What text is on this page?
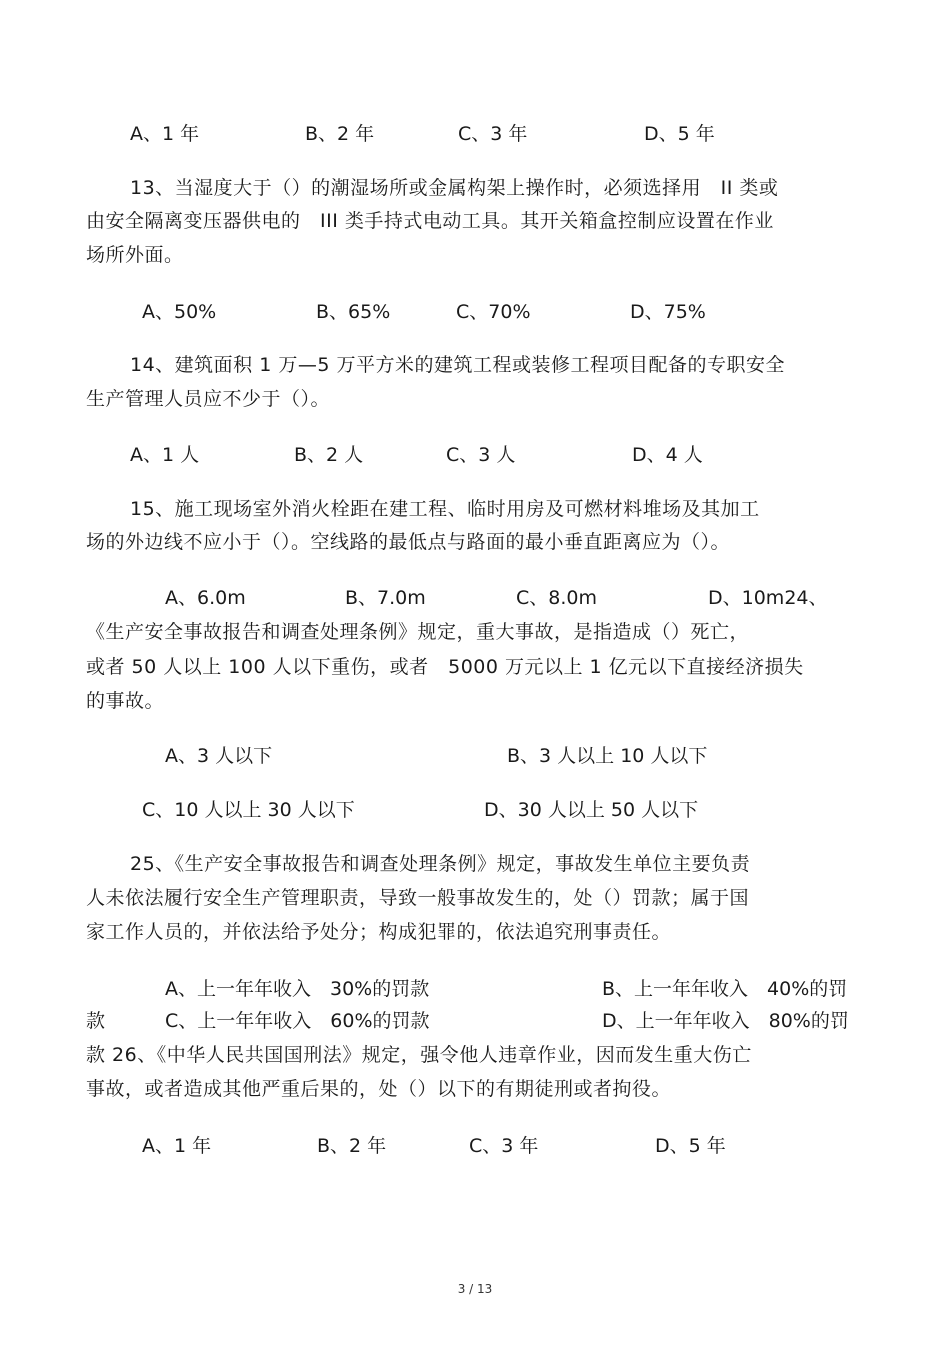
A、1 年	B、2 年	C、3 年	D、5 年
13、当湿度大于（）的潮湿场所或金属构架上操作时，必须选择用　II 类或
由安全隔离变压器供电的　III 类手持式电动工具。其开关箱盒控制应设置在作业
场所外面。
A、50%	B、65%	C、70%	D、75%
14、建筑面积 1 万—5 万平方米的建筑工程或装修工程项目配备的专职安全
生产管理人员应不少于（）。
A、1 人	B、2 人	C、3 人	D、4 人
15、施工现场室外消火栓距在建工程、临时用房及可燃材料堆场及其加工
场的外边线不应小于（）。空线路的最低点与路面的最小垂直距离应为（）。
A、6.0m	B、7.0m	C、8.0m	D、10m24、
《生产安全事故报告和调查处理条例》规定，重大事故，是指造成（）死亡，
或者 50 人以上 100 人以下重伤，或者　5000 万元以上 1 亿元以下直接经济损失
的事故。
A、3 人以下	B、3 人以上 10 人以下
C、10 人以上 30 人以下	D、30 人以上 50 人以下
25、《生产安全事故报告和调查处理条例》规定，事故发生单位主要负责
人未依法履行安全生产管理职责，导致一般事故发生的，处（）罚款；属于国
家工作人员的，并依法给予处分；构成犯罪的，依法追究刑事责任。
A、上一年年收入　30%的罚款	B、上一年年收入　40%的罚
款	C、上一年年收入　60%的罚款	D、上一年年收入　80%的罚
款 26、《中华人民共国国刑法》规定，强令他人违章作业，因而发生重大伤亡
事故，或者造成其他严重后果的，处（）以下的有期徒刑或者拘役。
A、1 年	B、2 年	C、3 年	D、5 年
3 / 13
